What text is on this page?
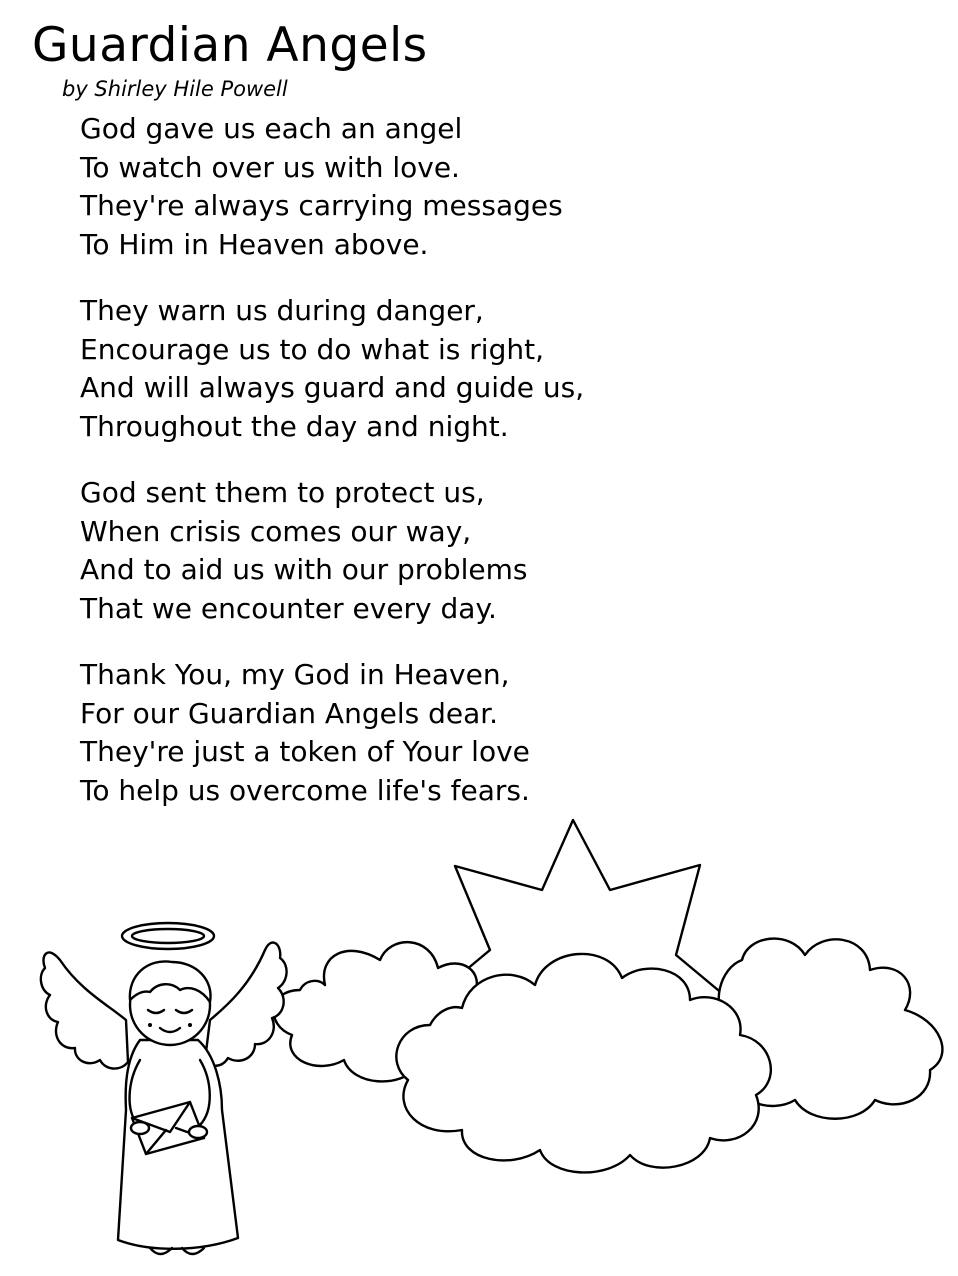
Guardian Angels
by Shirley Hile Powell
God gave us each an angel
To watch over us with love.
They're always carrying messages
To Him in Heaven above.
They warn us during danger,
Encourage us to do what is right,
And will always guard and guide us,
Throughout the day and night.
God sent them to protect us,
When crisis comes our way,
And to aid us with our problems
That we encounter every day.
Thank You, my God in Heaven,
For our Guardian Angels dear.
They're just a token of Your love
To help us overcome life's fears.
